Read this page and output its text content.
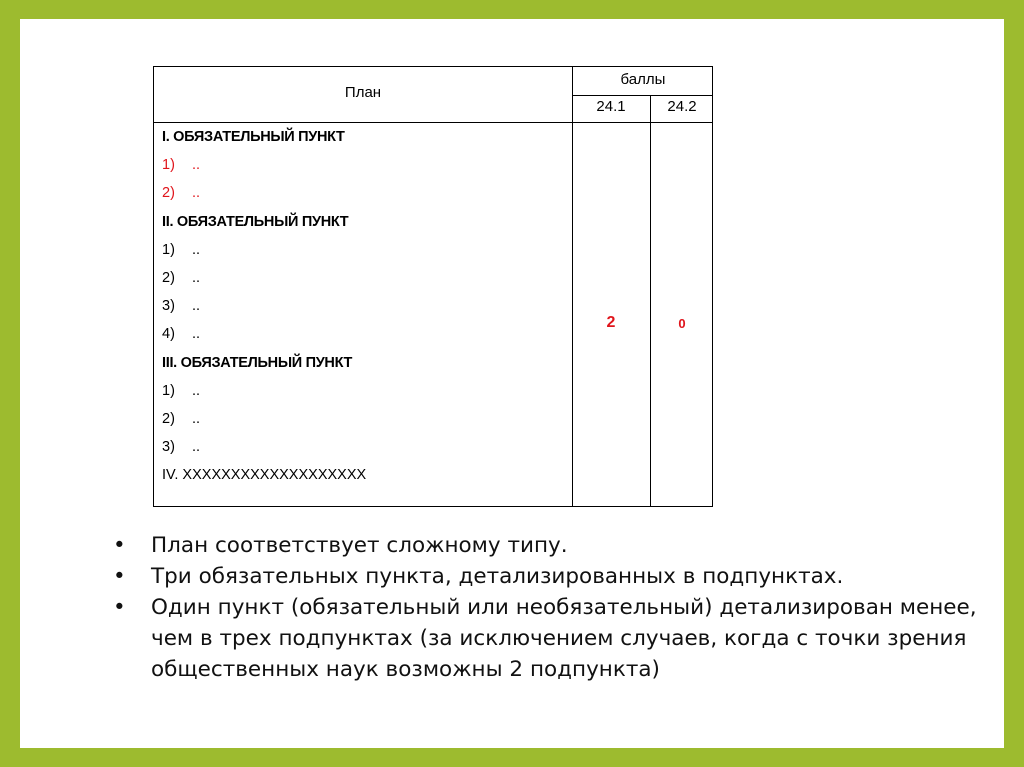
План
баллы
24.1	24.2
I. ОБЯЗАТЕЛЬНЫЙ ПУНКТ
1) ..
2) ..
II. ОБЯЗАТЕЛЬНЫЙ ПУНКТ
1) ..
2) ..
3) ..
4) ..
III. ОБЯЗАТЕЛЬНЫЙ ПУНКТ
1) ..
2) ..
3) ..
IV. ХХХХХХХХХХХХХХХХХХХ
2	0
• План соответствует сложному типу.
• Три обязательных пункта, детализированных в подпунктах.
• Один пункт (обязательный или необязательный) детализирован менее, чем в трех подпунктах (за исключением случаев, когда с точки зрения общественных наук возможны 2 подпункта)
